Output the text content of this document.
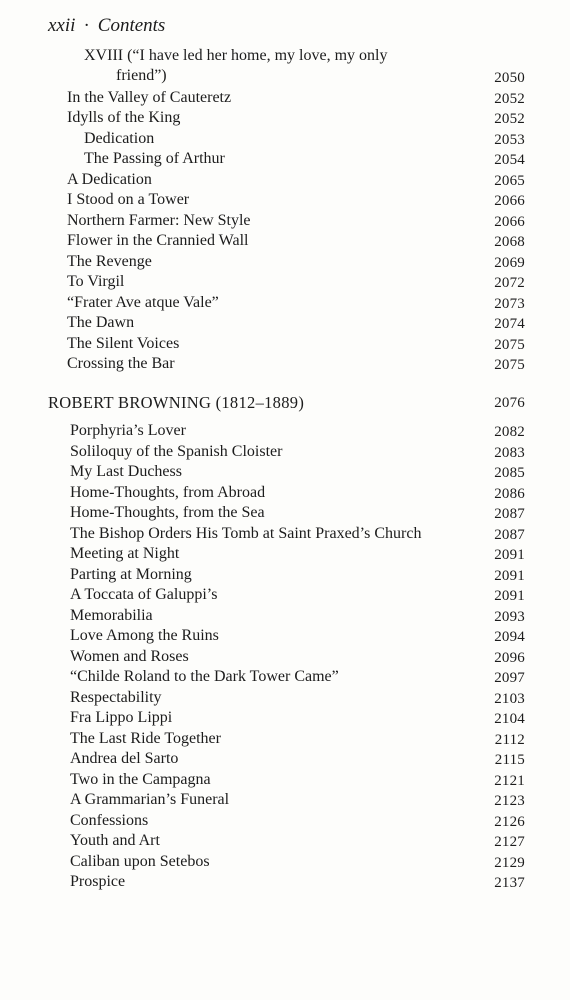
xxii · Contents
XVIII (“I have led her home, my love, my only
friend”)	2050
In the Valley of Cauteretz	2052
Idylls of the King	2052
Dedication	2053
The Passing of Arthur	2054
A Dedication	2065
I Stood on a Tower	2066
Northern Farmer: New Style	2066
Flower in the Crannied Wall	2068
The Revenge	2069
To Virgil	2072
“Frater Ave atque Vale”	2073
The Dawn	2074
The Silent Voices	2075
Crossing the Bar	2075
ROBERT BROWNING (1812–1889)	2076
Porphyria’s Lover	2082
Soliloquy of the Spanish Cloister	2083
My Last Duchess	2085
Home-Thoughts, from Abroad	2086
Home-Thoughts, from the Sea	2087
The Bishop Orders His Tomb at Saint Praxed’s Church	2087
Meeting at Night	2091
Parting at Morning	2091
A Toccata of Galuppi’s	2091
Memorabilia	2093
Love Among the Ruins	2094
Women and Roses	2096
“Childe Roland to the Dark Tower Came”	2097
Respectability	2103
Fra Lippo Lippi	2104
The Last Ride Together	2112
Andrea del Sarto	2115
Two in the Campagna	2121
A Grammarian’s Funeral	2123
Confessions	2126
Youth and Art	2127
Caliban upon Setebos	2129
Prospice	2137
